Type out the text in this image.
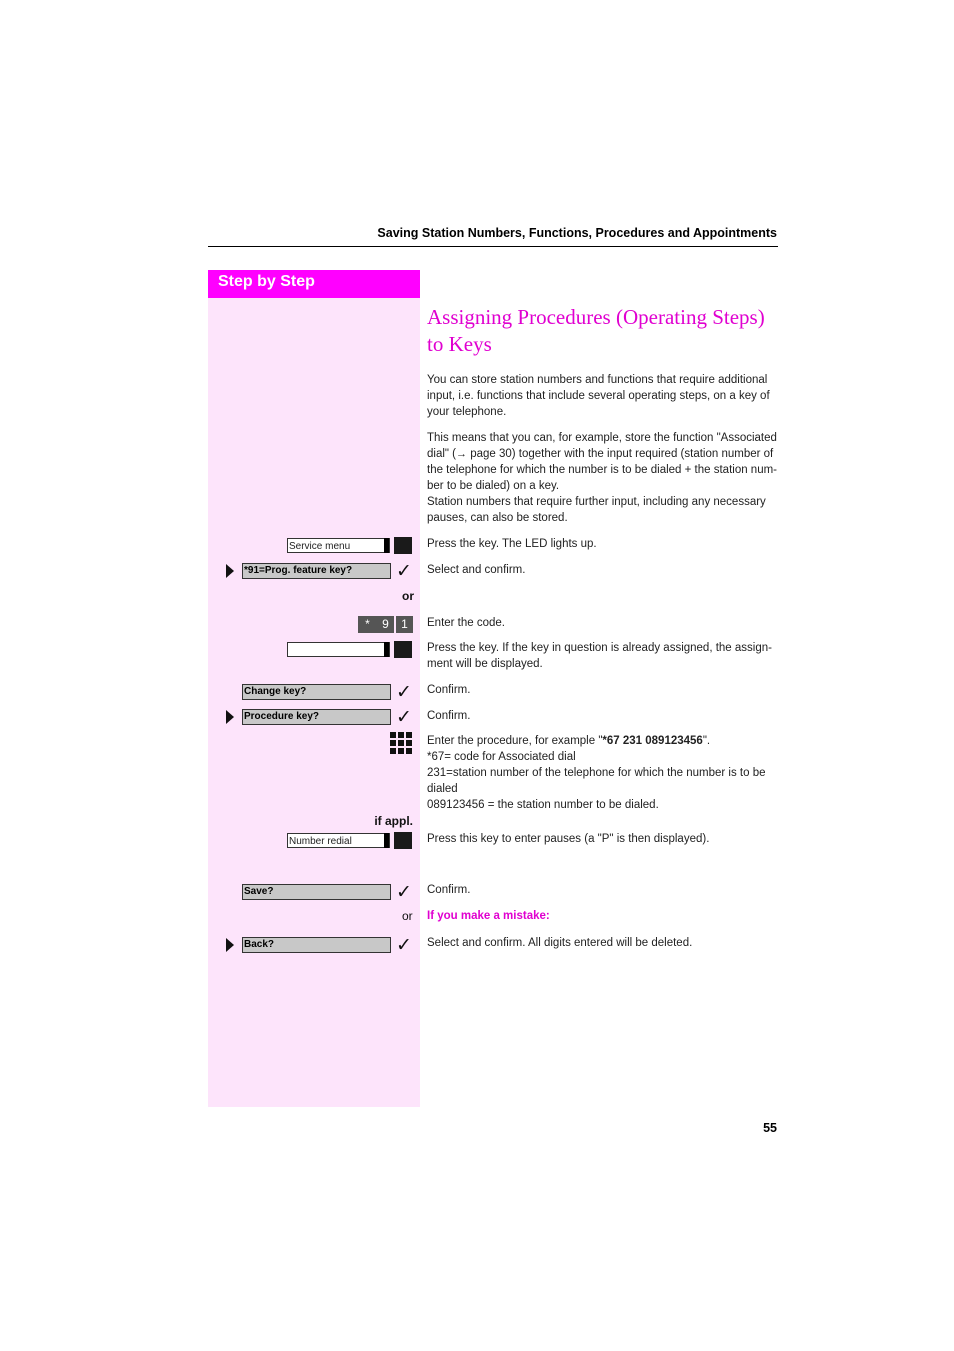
Saving Station Numbers, Functions, Procedures and Appointments
Step by Step
Assigning Procedures (Operating Steps)
to Keys
You can store station numbers and functions that require additional
input, i.e. functions that include several operating steps, on a key of
your telephone.
This means that you can, for example, store the function "Associated
dial" (→ page 30) together with the input required (station number of
the telephone for which the number is to be dialed + the station num-
ber to be dialed) on a key.
Station numbers that require further input, including any necessary
pauses, can also be stored.
Service menu	Press the key. The LED lights up.
*91=Prog. feature key?	✓ Select and confirm.
or
*	9	1	Enter the code.
Press the key. If the key in question is already assigned, the assign-
ment will be displayed.
Change key?	✓ Confirm.
Procedure key?	✓ Confirm.
Enter the procedure, for example "*67 231 089123456".
*67= code for Associated dial
231=station number of the telephone for which the number is to be
dialed
089123456 = the station number to be dialed.
if appl.
Number redial	Press this key to enter pauses (a "P" is then displayed).
Save?	✓ Confirm.
or If you make a mistake:
Back?	✓ Select and confirm. All digits entered will be deleted.
55
